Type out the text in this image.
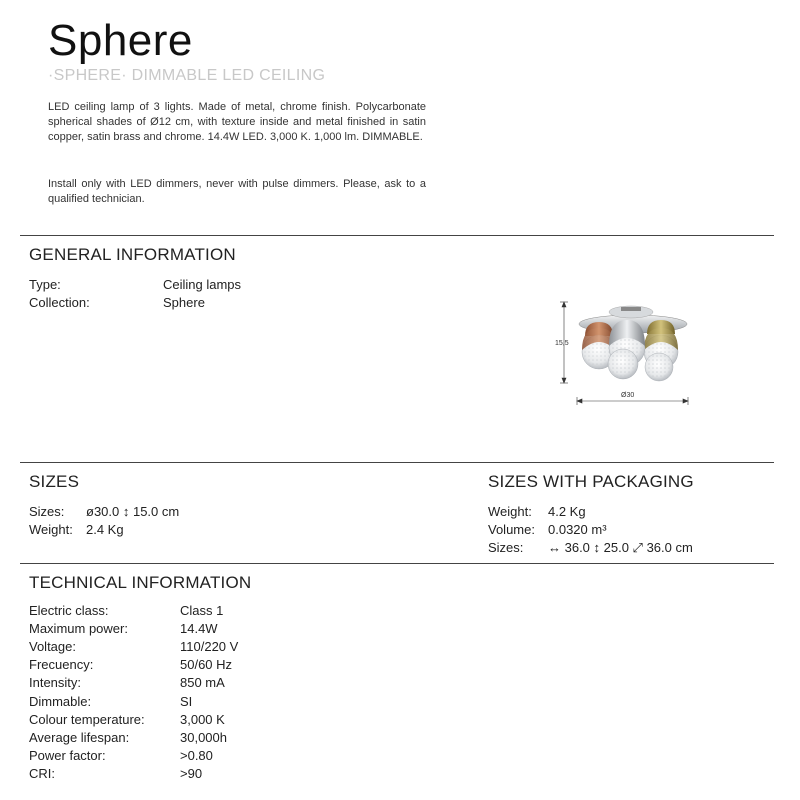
Sphere
·SPHERE· DIMMABLE LED CEILING
LED ceiling lamp of 3 lights. Made of metal, chrome finish. Polycarbonate spherical shades of Ø12 cm, with texture inside and metal finished in satin copper, satin brass and chrome. 14.4W LED. 3,000 K. 1,000 lm. DIMMABLE.
Install only with LED dimmers, never with pulse dimmers. Please, ask to a qualified technician.
GENERAL INFORMATION
Type:	Ceiling lamps
Collection:	Sphere
15,5
Ø30
SIZES
Sizes: ø30.0 ↕ 15.0 cm
Weight: 2.4 Kg
SIZES WITH PACKAGING
Weight: 4.2 Kg
Volume: 0.0320 m³
Sizes: ↔ 36.0 ↕ 25.0 ⤢ 36.0 cm
TECHNICAL INFORMATION
Electric class:	Class 1
Maximum power:	14.4W
Voltage:	110/220 V
Frecuency:	50/60 Hz
Intensity:	850 mA
Dimmable:	SI
Colour temperature:	3,000 K
Average lifespan:	30,000h
Power factor:	>0.80
CRI:	>90
